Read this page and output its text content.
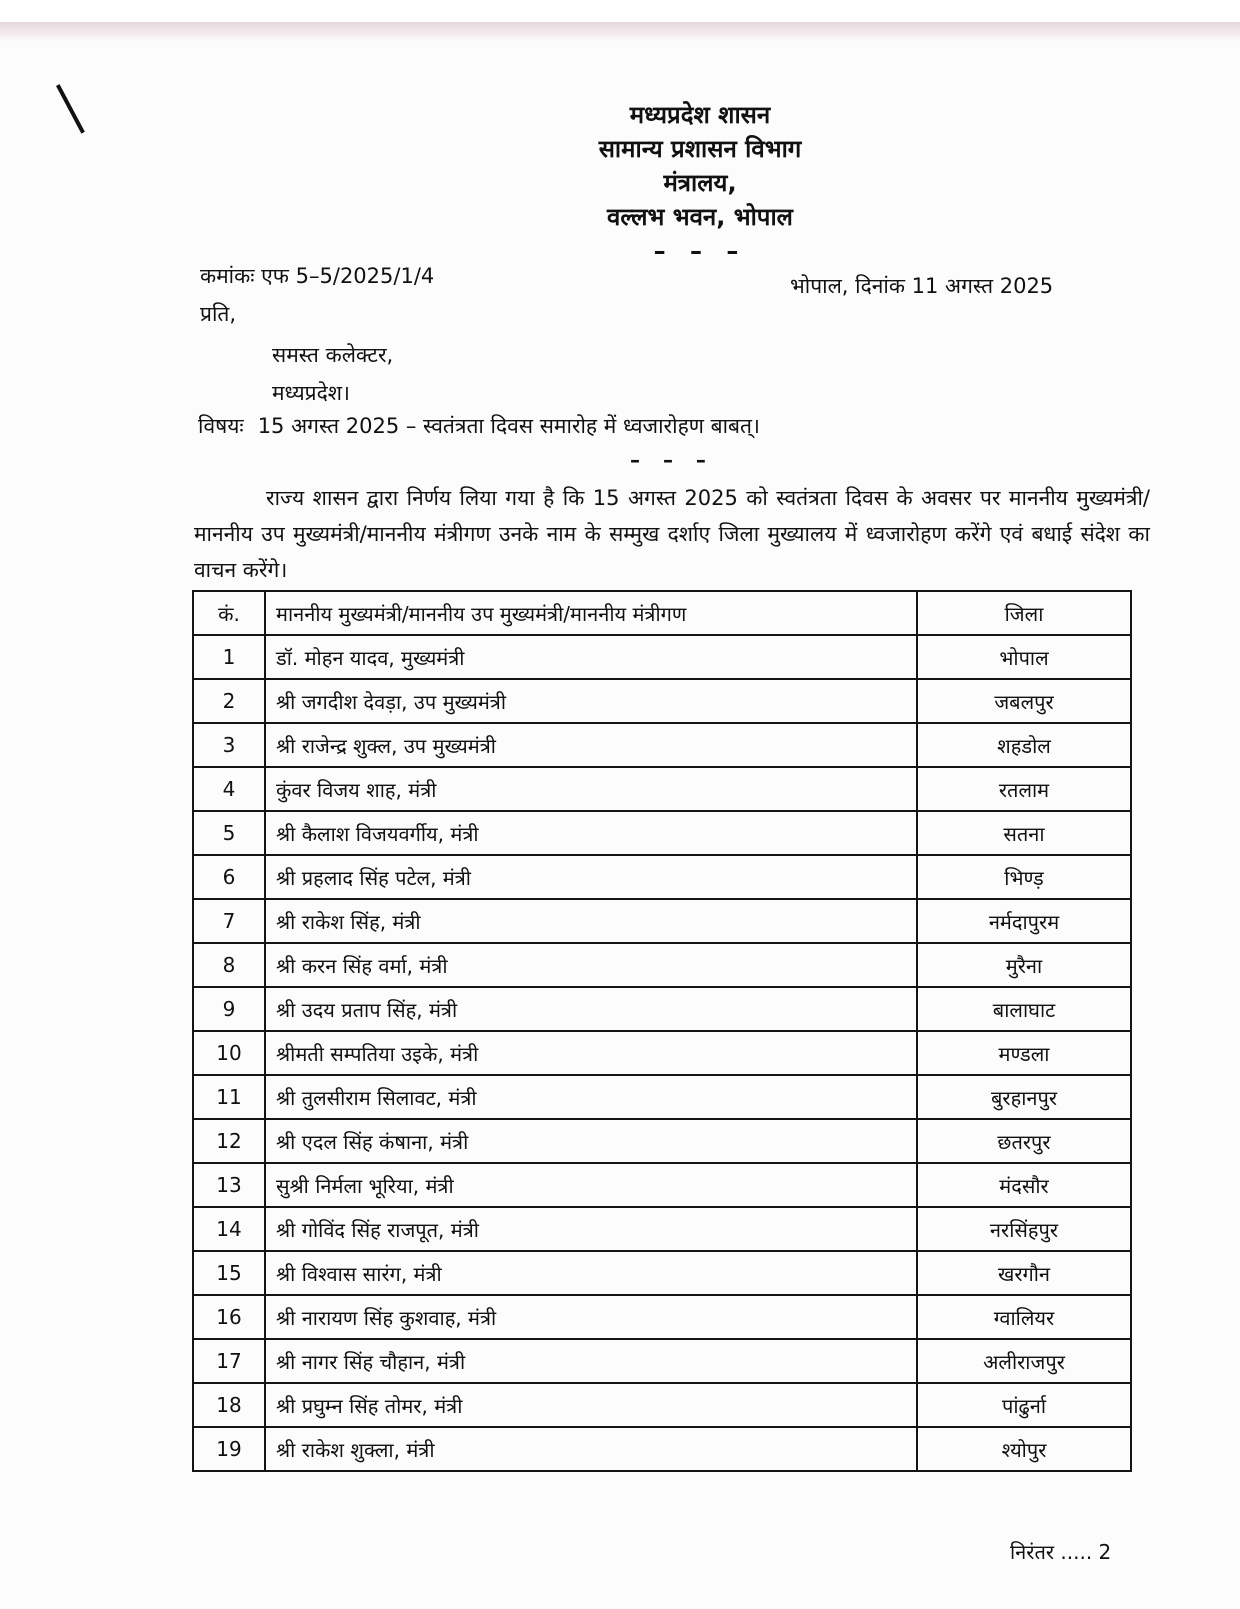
मध्यप्रदेश शासन
सामान्य प्रशासन विभाग
मंत्रालय,
वल्लभ भवन, भोपाल
– – –
कमांकः एफ 5–5/2025/1/4	भोपाल, दिनांक 11 अगस्त 2025
प्रति,
समस्त कलेक्टर,
मध्यप्रदेश।
विषयः 15 अगस्त 2025 – स्वतंत्रता दिवस समारोह में ध्वजारोहण बाबत्।
– – –
राज्य शासन द्वारा निर्णय लिया गया है कि 15 अगस्त 2025 को स्वतंत्रता दिवस के अवसर पर माननीय मुख्यमंत्री/माननीय उप मुख्यमंत्री/माननीय मंत्रीगण उनके नाम के सम्मुख दर्शाए जिला मुख्यालय में ध्वजारोहण करेंगे एवं बधाई संदेश का वाचन करेंगे।
कं.	माननीय मुख्यमंत्री/माननीय उप मुख्यमंत्री/माननीय मंत्रीगण	जिला
1	डॉ. मोहन यादव, मुख्यमंत्री	भोपाल
2	श्री जगदीश देवड़ा, उप मुख्यमंत्री	जबलपुर
3	श्री राजेन्द्र शुक्ल, उप मुख्यमंत्री	शहडोल
4	कुंवर विजय शाह, मंत्री	रतलाम
5	श्री कैलाश विजयवर्गीय, मंत्री	सतना
6	श्री प्रहलाद सिंह पटेल, मंत्री	भिण्ड़
7	श्री राकेश सिंह, मंत्री	नर्मदापुरम
8	श्री करन सिंह वर्मा, मंत्री	मुरैना
9	श्री उदय प्रताप सिंह, मंत्री	बालाघाट
10	श्रीमती सम्पतिया उइके, मंत्री	मण्डला
11	श्री तुलसीराम सिलावट, मंत्री	बुरहानपुर
12	श्री एदल सिंह कंषाना, मंत्री	छतरपुर
13	सुश्री निर्मला भूरिया, मंत्री	मंदसौर
14	श्री गोविंद सिंह राजपूत, मंत्री	नरसिंहपुर
15	श्री विश्वास सारंग, मंत्री	खरगौन
16	श्री नारायण सिंह कुशवाह, मंत्री	ग्वालियर
17	श्री नागर सिंह चौहान, मंत्री	अलीराजपुर
18	श्री प्रघुम्न सिंह तोमर, मंत्री	पांढुर्ना
19	श्री राकेश शुक्ला, मंत्री	श्योपुर
निरंतर ..... 2
